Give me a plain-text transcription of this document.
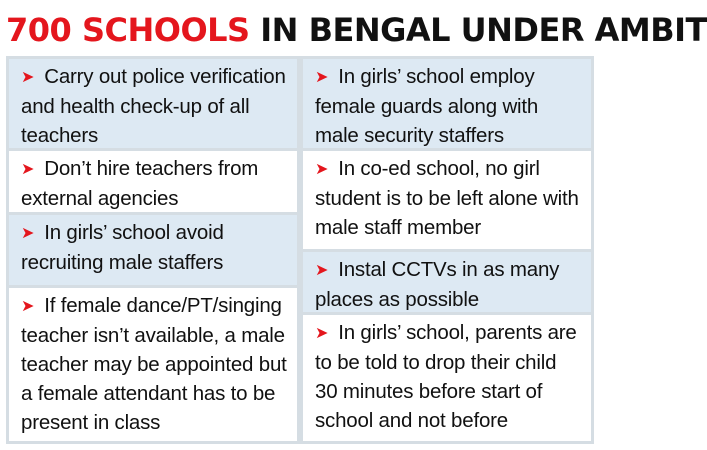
700 SCHOOLS IN BENGAL UNDER AMBIT
➤ Carry out police verification and health check-up of all teachers
➤ Don’t hire teachers from external agencies
➤ In girls’ school avoid recruiting male staffers
➤ If female dance/PT/singing teacher isn’t available, a male teacher may be appointed but a female attendant has to be present in class
➤ In girls’ school employ female guards along with male security staffers
➤ In co-ed school, no girl student is to be left alone with male staff member
➤ Instal CCTVs in as many places as possible
➤ In girls’ school, parents are to be told to drop their child 30 minutes before start of school and not before
